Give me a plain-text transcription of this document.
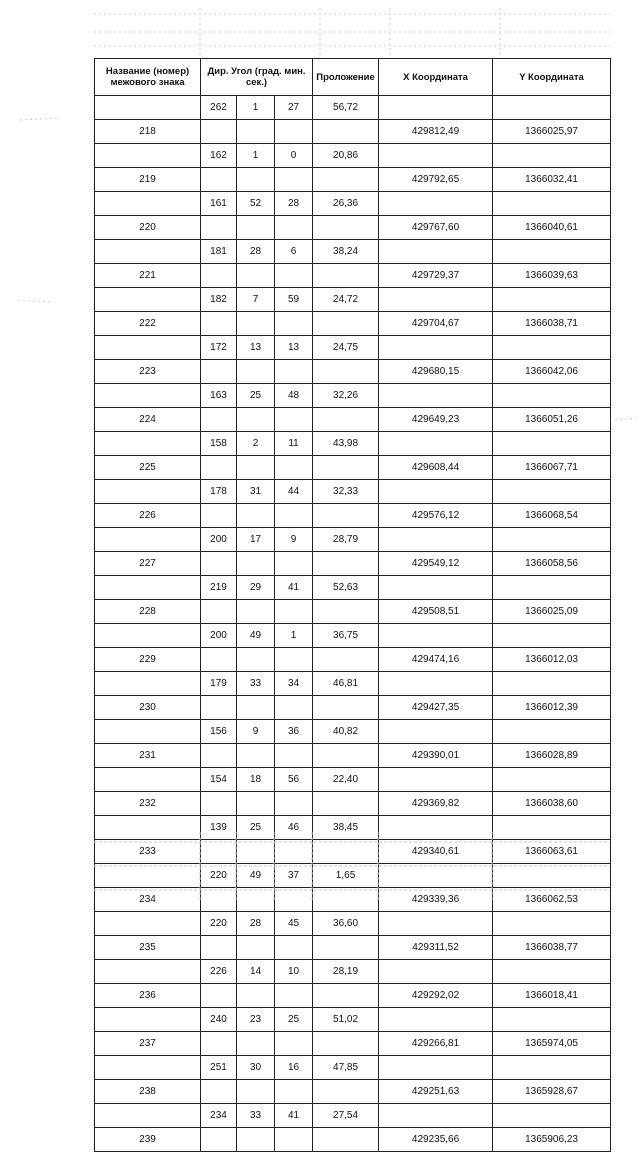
Название (номер) межового знака	Дир. Угол (град. мин. сек.)			Проложение	X Координата	Y Координата
	262	1	27	56,72		
218					429812,49	1366025,97
	162	1	0	20,86		
219					429792,65	1366032,41
	161	52	28	26,36		
220					429767,60	1366040,61
	181	28	6	38,24		
221					429729,37	1366039,63
	182	7	59	24,72		
222					429704,67	1366038,71
	172	13	13	24,75		
223					429680,15	1366042,06
	163	25	48	32,26		
224					429649,23	1366051,26
	158	2	11	43,98		
225					429608,44	1366067,71
	178	31	44	32,33		
226					429576,12	1366068,54
	200	17	9	28,79		
227					429549,12	1366058,56
	219	29	41	52,63		
228					429508,51	1366025,09
	200	49	1	36,75		
229					429474,16	1366012,03
	179	33	34	46,81		
230					429427,35	1366012,39
	156	9	36	40,82		
231					429390,01	1366028,89
	154	18	56	22,40		
232					429369,82	1366038,60
	139	25	46	38,45		
233					429340,61	1366063,61
	220	49	37	1,65		
234					429339,36	1366062,53
	220	28	45	36,60		
235					429311,52	1366038,77
	226	14	10	28,19		
236					429292,02	1366018,41
	240	23	25	51,02		
237					429266,81	1365974,05
	251	30	16	47,85		
238					429251,63	1365928,67
	234	33	41	27,54		
239					429235,66	1365906,23
